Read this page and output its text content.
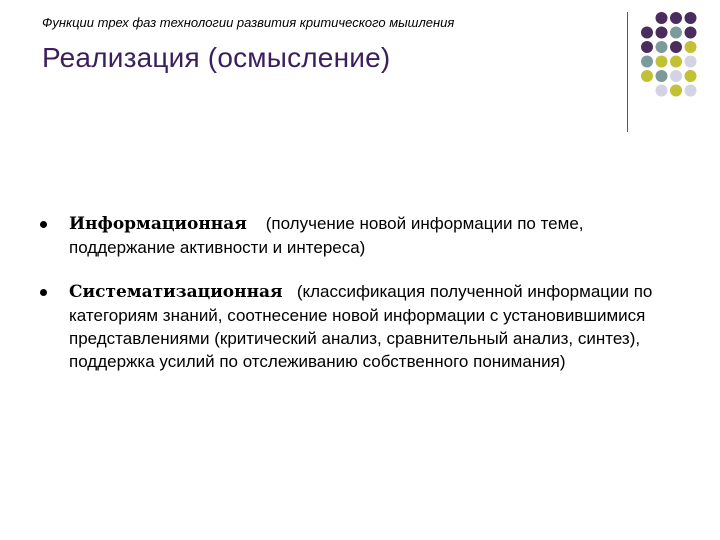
Функции трех фаз технологии развития критического мышления
Реализация (осмысление)
Информационная (получение новой информации по теме, поддержание активности и интереса)
Систематизационная (классификация полученной информации по категориям знаний, соотнесение новой информации с установившимися представлениями (критический анализ, сравнительный анализ, синтез), поддержка усилий по отслеживанию собственного понимания)
